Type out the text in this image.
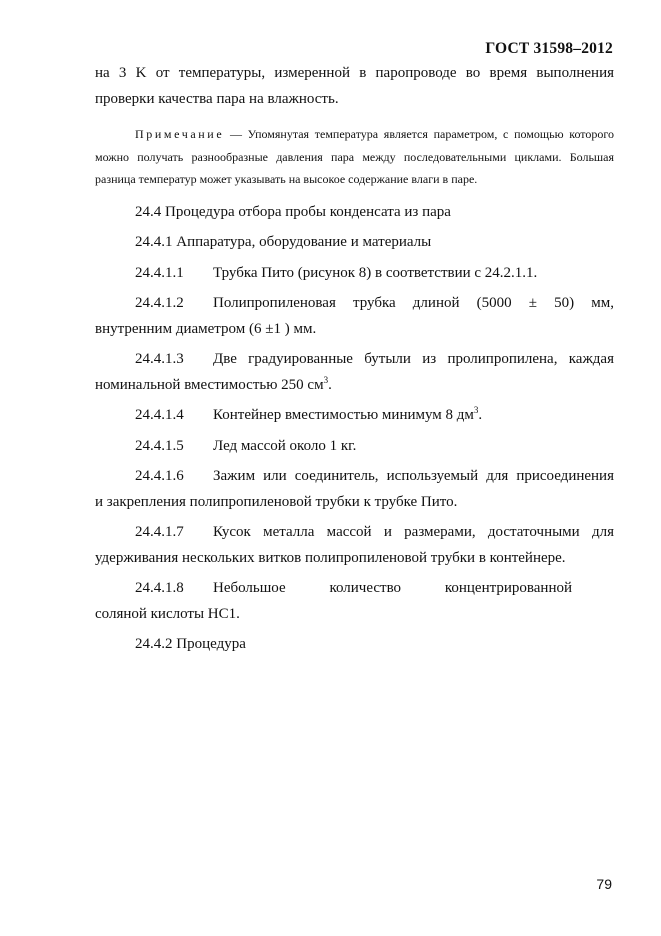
ГОСТ 31598–2012

на 3 K от температуры, измеренной в паропроводе во время выполнения

проверки качества пара на влажность.

Примечание — Упомянутая температура является параметром, с помощью которого можно получать разнообразные давления пара между последовательными циклами. Большая разница температур может указывать на высокое содержание влаги в паре.

24.4 Процедура отбора пробы конденсата из пара

24.4.1 Аппаратура, оборудование и материалы

24.4.1.1	Трубка Пито (рисунок 8) в соответствии с 24.2.1.1.
24.4.1.2	Полипропиленовая трубка длиной (5000 ± 50) мм,

внутренним диаметром (6 ±1 ) мм.

24.4.1.3	Две градуированные бутыли из пролипропилена, каждая

номинальной вместимостью 250 $см^3$.

24.4.1.4	Контейнер вместимостью минимум 8 $дм^3$.
24.4.1.5	Лед массой около 1 кг.
24.4.1.6	Зажим или соединитель, используемый для присоединения

и закрепления полипропиленовой трубки к трубке Пито.

24.4.1.7	Кусок металла массой и размерами, достаточными для

удерживания нескольких витков полипропиленовой трубки в контейнере.

24.4.1.8	Небольшое количество концентрированной

соляной кислоты НС1.

24.4.2 Процедура

79
